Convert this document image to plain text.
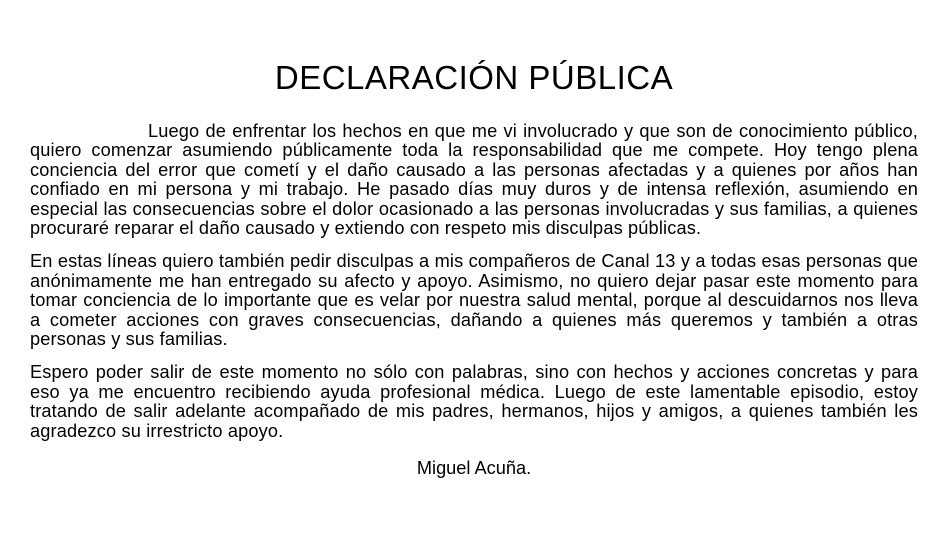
DECLARACIÓN PÚBLICA

Luego de enfrentar los hechos en que me vi involucrado y que son de conocimiento público, quiero comenzar asumiendo públicamente toda la responsabilidad que me compete. Hoy tengo plena conciencia del error que cometí y el daño causado a las personas afectadas y a quienes por años han confiado en mi persona y mi trabajo. He pasado días muy duros y de intensa reflexión, asumiendo en especial las consecuencias sobre el dolor ocasionado a las personas involucradas y sus familias, a quienes procuraré reparar el daño causado y extiendo con respeto mis disculpas públicas.

En estas líneas quiero también pedir disculpas a mis compañeros de Canal 13 y a todas esas personas que anónimamente me han entregado su afecto y apoyo. Asimismo, no quiero dejar pasar este momento para tomar conciencia de lo importante que es velar por nuestra salud mental, porque al descuidarnos nos lleva a cometer acciones con graves consecuencias, dañando a quienes más queremos y también a otras personas y sus familias.

Espero poder salir de este momento no sólo con palabras, sino con hechos y acciones concretas y para eso ya me encuentro recibiendo ayuda profesional médica. Luego de este lamentable episodio, estoy tratando de salir adelante acompañado de mis padres, hermanos, hijos y amigos, a quienes también les agradezco su irrestricto apoyo.

Miguel Acuña.
